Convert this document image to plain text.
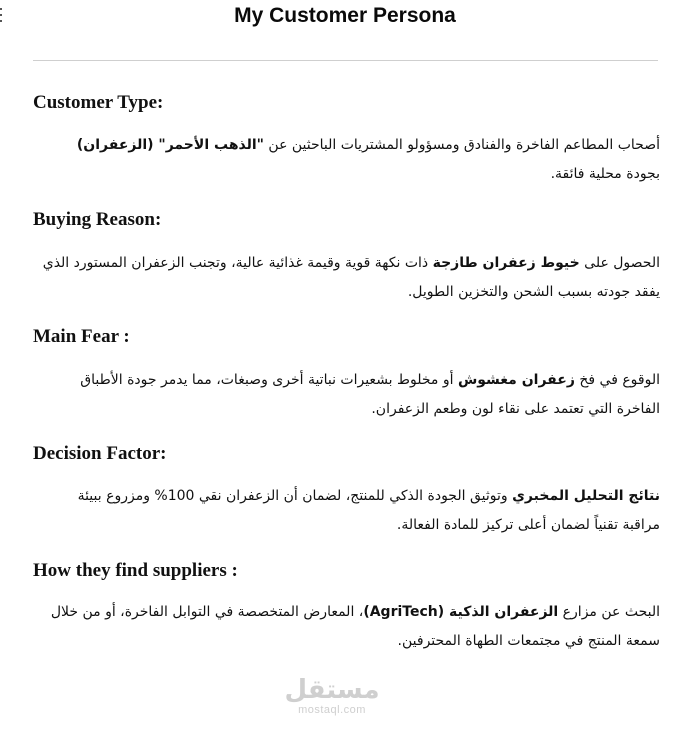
My Customer Persona
Customer Type:
أصحاب المطاعم الفاخرة والفنادق ومسؤولو المشتريات الباحثين عن "الذهب الأحمر" (الزعفران) بجودة محلية فائقة.
Buying Reason:
الحصول على خيوط زعفران طازجة ذات نكهة قوية وقيمة غذائية عالية، وتجنب الزعفران المستورد الذي يفقد جودته بسبب الشحن والتخزين الطويل.
Main Fear :
الوقوع في فخ زعفران مغشوش أو مخلوط بشعيرات نباتية أخرى وصبغات، مما يدمر جودة الأطباق الفاخرة التي تعتمد على نقاء لون وطعم الزعفران.
Decision Factor:
نتائج التحليل المخبري وتوثيق الجودة الذكي للمنتج، لضمان أن الزعفران نقي 100% ومزروع ببيئة مراقبة تقنياً لضمان أعلى تركيز للمادة الفعالة.
How they find suppliers :
البحث عن مزارع الزعفران الذكية (AgriTech)، المعارض المتخصصة في التوابل الفاخرة، أو من خلال سمعة المنتج في مجتمعات الطهاة المحترفين.
مستقل
mostaql.com
